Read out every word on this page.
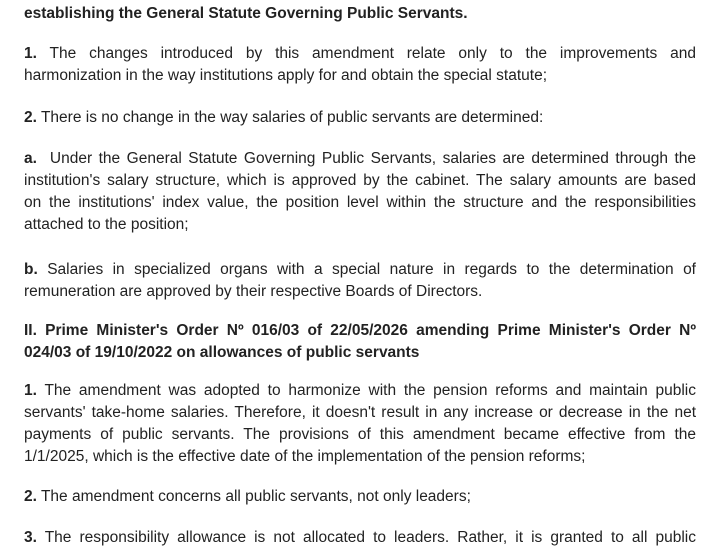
establishing the General Statute Governing Public Servants.
1. The changes introduced by this amendment relate only to the improvements and
harmonization in the way institutions apply for and obtain the special statute;
2. There is no change in the way salaries of public servants are determined:
a. Under the General Statute Governing Public Servants, salaries are determined through the
institution's salary structure, which is approved by the cabinet. The salary amounts are based
on the institutions' index value, the position level within the structure and the responsibilities
attached to the position;
b. Salaries in specialized organs with a special nature in regards to the determination of
remuneration are approved by their respective Boards of Directors.
II. Prime Minister's Order Nº 016/03 of 22/05/2026 amending Prime Minister's Order Nº
024/03 of 19/10/2022 on allowances of public servants
1. The amendment was adopted to harmonize with the pension reforms and maintain public
servants' take-home salaries. Therefore, it doesn't result in any increase or decrease in the net
payments of public servants. The provisions of this amendment became effective from the
1/1/2025, which is the effective date of the implementation of the pension reforms;
2. The amendment concerns all public servants, not only leaders;
3. The responsibility allowance is not allocated to leaders. Rather, it is granted to all public
